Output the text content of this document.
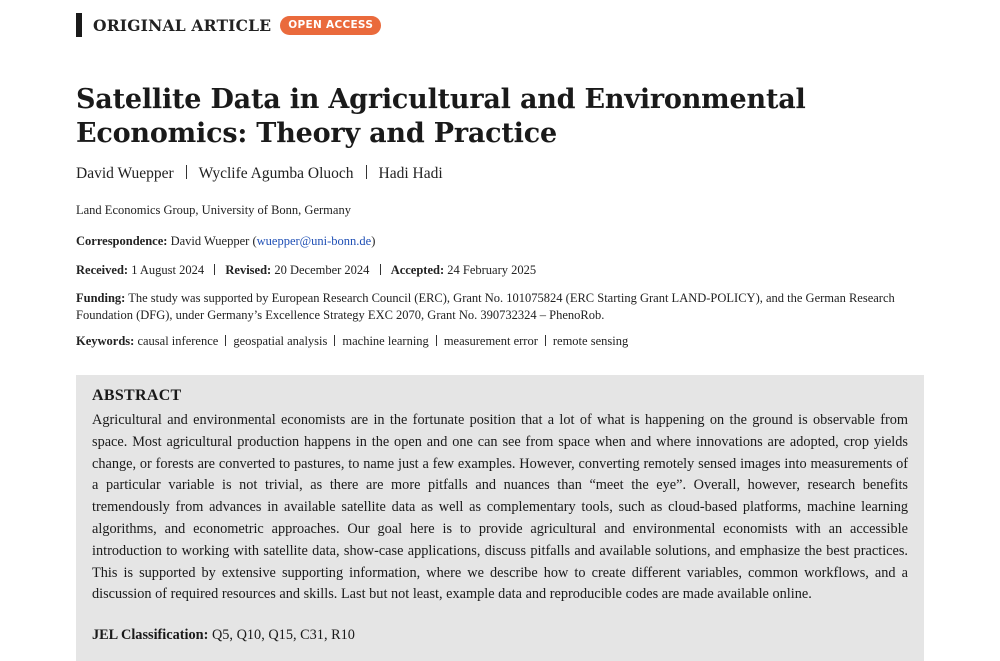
ORIGINAL ARTICLE	OPEN ACCESS
Satellite Data in Agricultural and Environmental Economics: Theory and Practice
David Wuepper Wyclife Agumba Oluoch Hadi Hadi
Land Economics Group, University of Bonn, Germany
Correspondence: David Wuepper (wuepper@uni-bonn.de)
Received: 1 August 2024 Revised: 20 December 2024 Accepted: 24 February 2025
Funding: The study was supported by European Research Council (ERC), Grant No. 101075824 (ERC Starting Grant LAND-POLICY), and the German Research Foundation (DFG), under Germany’s Excellence Strategy EXC 2070, Grant No. 390732324 – PhenoRob.
Keywords: causal inference geospatial analysis machine learning measurement error remote sensing
ABSTRACT

Agricultural and environmental economists are in the fortunate position that a lot of what is happening on the ground is observable from space. Most agricultural production happens in the open and one can see from space when and where innovations are adopted, crop yields change, or forests are converted to pastures, to name just a few examples. However, converting remotely sensed images into measurements of a particular variable is not trivial, as there are more pitfalls and nuances than “meet the eye”. Overall, however, research benefits tremendously from advances in available satellite data as well as complementary tools, such as cloud-based platforms, machine learning algorithms, and econometric approaches. Our goal here is to provide agricultural and environmental economists with an accessible introduction to working with satellite data, show-case applications, discuss pitfalls and available solutions, and emphasize the best practices. This is supported by extensive supporting information, where we describe how to create different variables, common workflows, and a discussion of required resources and skills. Last but not least, example data and reproducible codes are made available online.

JEL Classification: Q5, Q10, Q15, C31, R10
